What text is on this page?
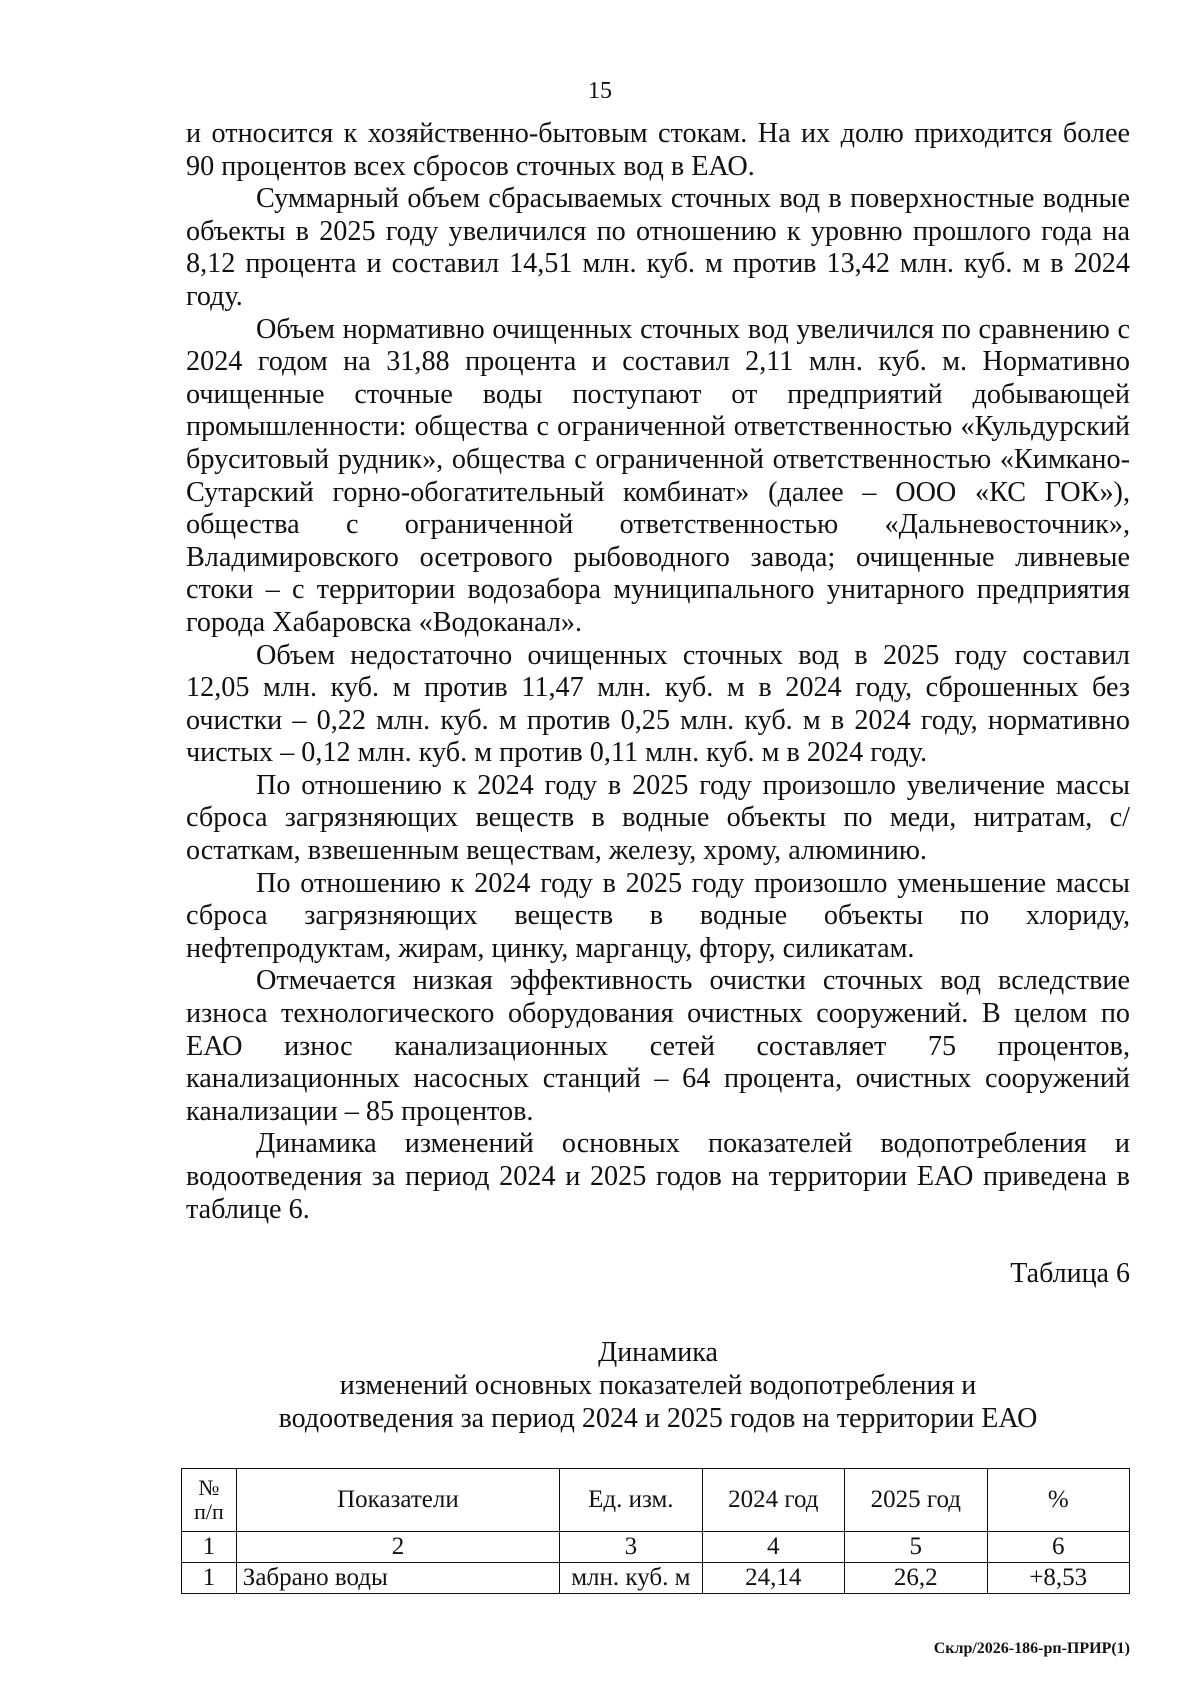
15

и относится к хозяйственно-бытовым стокам. На их долю приходится более 90 процентов всех сбросов сточных вод в ЕАО.

Суммарный объем сбрасываемых сточных вод в поверхностные водные объекты в 2025 году увеличился по отношению к уровню прошлого года на 8,12 процента и составил 14,51 млн. куб. м против 13,42 млн. куб. м в 2024 году.

Объем нормативно очищенных сточных вод увеличился по сравнению с 2024 годом на 31,88 процента и составил 2,11 млн. куб. м. Нормативно очищенные сточные воды поступают от предприятий добывающей промышленности: общества с ограниченной ответственностью «Кульдурский бруситовый рудник», общества с ограниченной ответственностью «Кимкано-Сутарский горно-обогатительный комбинат» (далее – ООО «КС ГОК»), общества с ограниченной ответственностью «Дальневосточник», Владимировского осетрового рыбоводного завода; очищенные ливневые стоки – с территории водозабора муниципального унитарного предприятия города Хабаровска «Водоканал».

Объем недостаточно очищенных сточных вод в 2025 году составил 12,05 млн. куб. м против 11,47 млн. куб. м в 2024 году, сброшенных без очистки – 0,22 млн. куб. м против 0,25 млн. куб. м в 2024 году, нормативно чистых – 0,12 млн. куб. м против 0,11 млн. куб. м в 2024 году.

По отношению к 2024 году в 2025 году произошло увеличение массы сброса загрязняющих веществ в водные объекты по меди, нитратам, с/остаткам, взвешенным веществам, железу, хрому, алюминию.

По отношению к 2024 году в 2025 году произошло уменьшение массы сброса загрязняющих веществ в водные объекты по хлориду, нефтепродуктам, жирам, цинку, марганцу, фтору, силикатам.

Отмечается низкая эффективность очистки сточных вод вследствие износа технологического оборудования очистных сооружений. В целом по ЕАО износ канализационных сетей составляет 75 процентов, канализационных насосных станций – 64 процента, очистных сооружений канализации – 85 процентов.

Динамика изменений основных показателей водопотребления и водоотведения за период 2024 и 2025 годов на территории ЕАО приведена в таблице 6.

Таблица 6
Динамика
изменений основных показателей водопотребления и
водоотведения за период 2024 и 2025 годов на территории ЕАО
№
п/п	Показатели	Ед. изм.	2024 год	2025 год	%
1	2	3	4	5	6
1	Забрано воды	млн. куб. м	24,14	26,2	+8,53
Склр/2026-186-рп-ПРИР(1)
